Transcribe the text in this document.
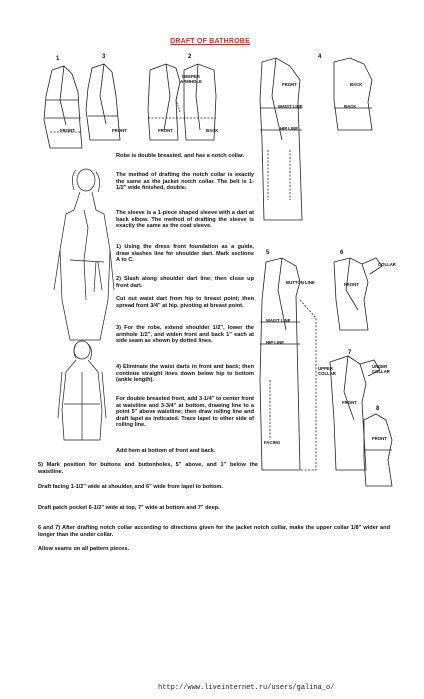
DRAFT OF BATHROBE
1	3	2	4
5	6
7
8
FRONT	FRONT	FRONT	BACK
DEEPER ARMHOLE
FRONT	BACK
WAIST LINE
HIP LINE
BACK
BUTTON LINE
WAIST LINE
HIP LINE
FACING
FRONT
COLLAR
UPPER COLLAR
UNDER COLLAR
FRONT
FRONT
Robe is double breasted, and has a notch collar.
The method of drafting the notch collar is exactly the same as the jacket notch collar. The belt is 1-1/2" wide finished, double.
The sleeve is a 1-piece shaped sleeve with a dart at back elbow. The method of drafting the sleeve is exactly the same as the coat sleeve.
1) Using the dress front foundation as a guide, draw slashes line for shoulder dart. Mark sections A to C.
2) Slash along shoulder dart line; then close up front dart.
Cut out waist dart from hip to breast point; then spread front 3/4" at hip, pivoting at breast point.
3) For the robe, extend shoulder 1/2", lower the armhole 1/2", and widen front and back 1" each at side seam as shown by dotted lines.
4) Eliminate the waist darts in front and back; then continue straight lines down below hip to bottom (ankle length).
For double breasted front, add 3-1/4" to center front at waistline and 3-3/4" at bottom, drawing line to a point 5" above waistline; then draw rolling line and draft lapel as indicated. Trace lapel to other side of rolling line.
Add hem at bottom of front and back.
5) Mark position for buttons and buttonholes, 5" above, and 1" below the waistline.
Draft facing 1-1/2" wide at shoulder, and 6" wide from lapel to bottom.
Draft patch pocket 6-1/2" wide at top, 7" wide at bottom and 7" deep.
6 and 7) After drafting notch collar according to directions given for the jacket notch collar, make the upper collar 1/8" wider and longer than the under collar.
Allow seams on all pattern pieces.
http://www.liveinternet.ru/users/galina_o/
